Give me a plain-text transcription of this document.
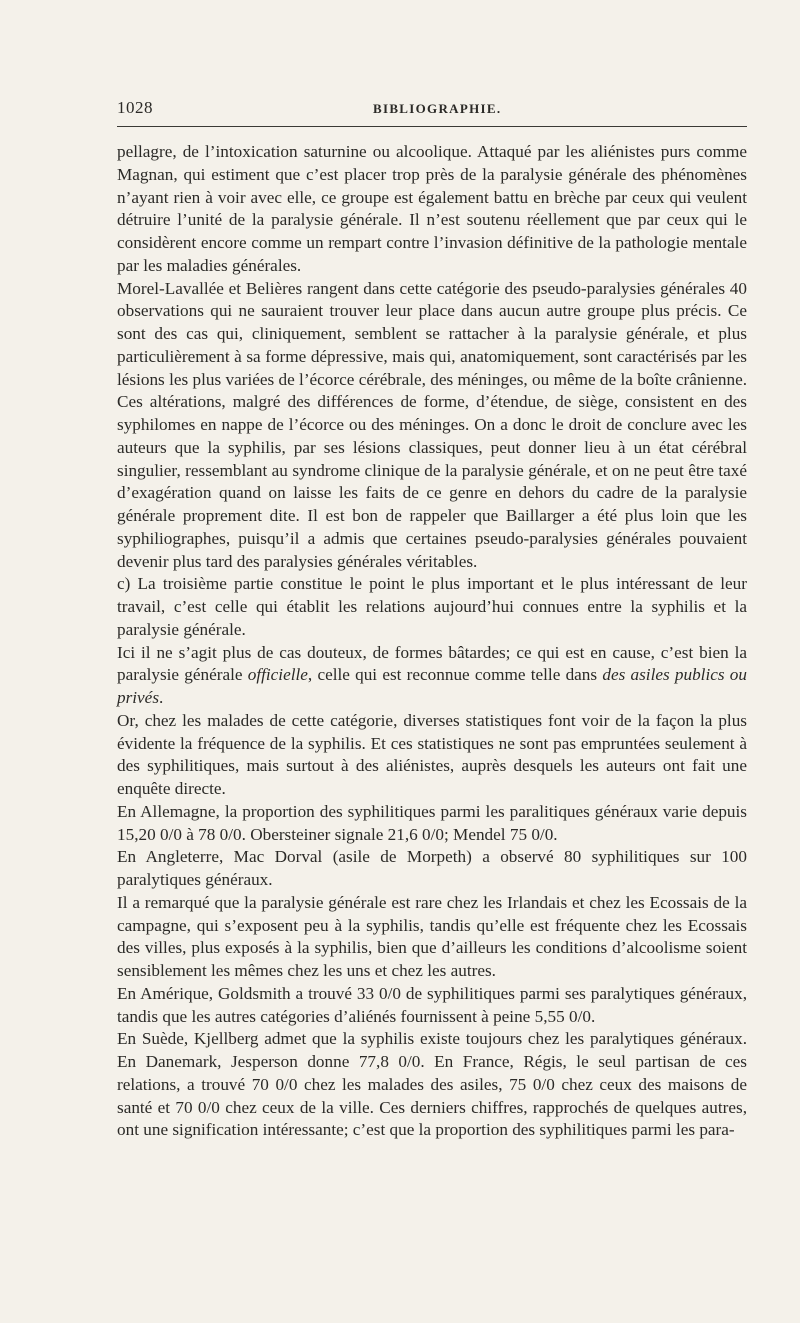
1028	BIBLIOGRAPHIE.

pellagre, de l’intoxication saturnine ou alcoolique. Attaqué par les aliénistes purs comme Magnan, qui estiment que c’est placer trop près de la paralysie générale des phénomènes n’ayant rien à voir avec elle, ce groupe est également battu en brèche par ceux qui veulent détruire l’unité de la paralysie générale. Il n’est soutenu réellement que par ceux qui le considèrent encore comme un rempart contre l’invasion définitive de la pathologie mentale par les maladies générales.

Morel-Lavallée et Belières rangent dans cette catégorie des pseudo-paralysies générales 40 observations qui ne sauraient trouver leur place dans aucun autre groupe plus précis. Ce sont des cas qui, cliniquement, semblent se rattacher à la paralysie générale, et plus particulièrement à sa forme dépressive, mais qui, anatomiquement, sont caractérisés par les lésions les plus variées de l’écorce cérébrale, des méninges, ou même de la boîte crânienne. Ces altérations, malgré des différences de forme, d’étendue, de siège, consistent en des syphilomes en nappe de l’écorce ou des méninges. On a donc le droit de conclure avec les auteurs que la syphilis, par ses lésions classiques, peut donner lieu à un état cérébral singulier, ressemblant au syndrome clinique de la paralysie générale, et on ne peut être taxé d’exagération quand on laisse les faits de ce genre en dehors du cadre de la paralysie générale proprement dite. Il est bon de rappeler que Baillarger a été plus loin que les syphiliographes, puisqu’il a admis que certaines pseudo-paralysies générales pouvaient devenir plus tard des paralysies générales véritables.

c) La troisième partie constitue le point le plus important et le plus intéressant de leur travail, c’est celle qui établit les relations aujourd’hui connues entre la syphilis et la paralysie générale.

Ici il ne s’agit plus de cas douteux, de formes bâtardes; ce qui est en cause, c’est bien la paralysie générale officielle, celle qui est reconnue comme telle dans des asiles publics ou privés.

Or, chez les malades de cette catégorie, diverses statistiques font voir de la façon la plus évidente la fréquence de la syphilis. Et ces statistiques ne sont pas empruntées seulement à des syphilitiques, mais surtout à des aliénistes, auprès desquels les auteurs ont fait une enquête directe.

En Allemagne, la proportion des syphilitiques parmi les paralitiques généraux varie depuis 15,20 0/0 à 78 0/0. Obersteiner signale 21,6 0/0; Mendel 75 0/0.

En Angleterre, Mac Dorval (asile de Morpeth) a observé 80 syphilitiques sur 100 paralytiques généraux.

Il a remarqué que la paralysie générale est rare chez les Irlandais et chez les Ecossais de la campagne, qui s’exposent peu à la syphilis, tandis qu’elle est fréquente chez les Ecossais des villes, plus exposés à la syphilis, bien que d’ailleurs les conditions d’alcoolisme soient sensiblement les mêmes chez les uns et chez les autres.

En Amérique, Goldsmith a trouvé 33 0/0 de syphilitiques parmi ses paralytiques généraux, tandis que les autres catégories d’aliénés fournissent à peine 5,55 0/0.

En Suède, Kjellberg admet que la syphilis existe toujours chez les paralytiques généraux. En Danemark, Jesperson donne 77,8 0/0. En France, Régis, le seul partisan de ces relations, a trouvé 70 0/0 chez les malades des asiles, 75 0/0 chez ceux des maisons de santé et 70 0/0 chez ceux de la ville. Ces derniers chiffres, rapprochés de quelques autres, ont une signification intéressante; c’est que la proportion des syphilitiques parmi les para-
